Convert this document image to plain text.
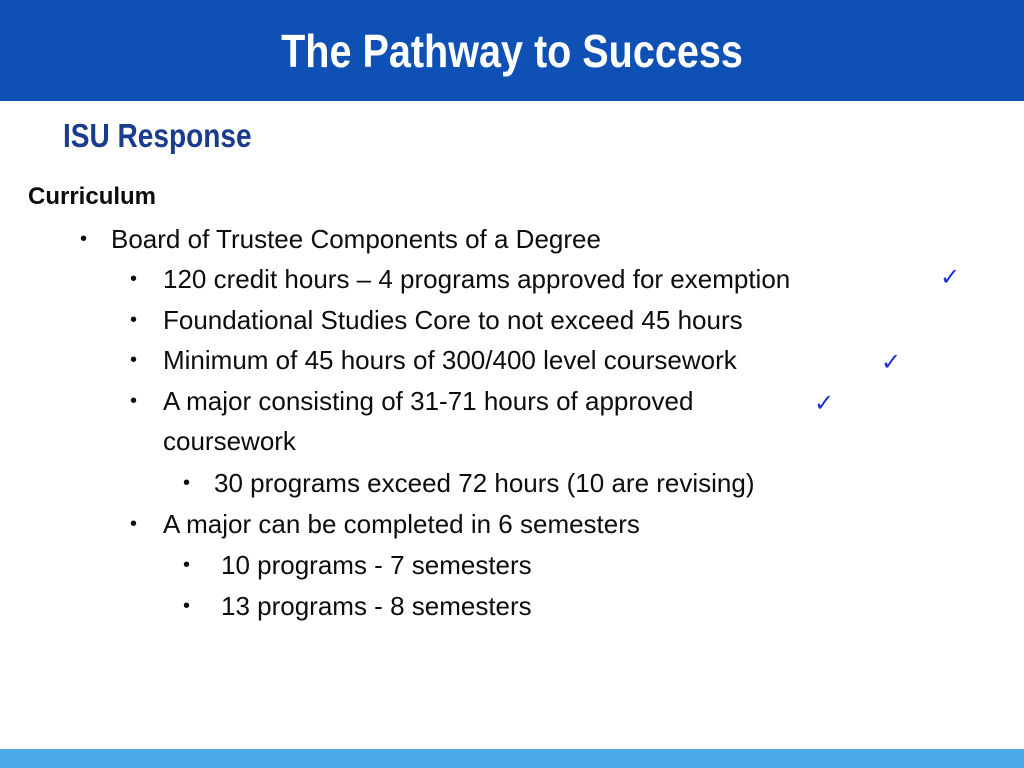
The Pathway to Success
ISU Response
Curriculum
• Board of Trustee Components of a Degree
• 120 credit hours – 4 programs approved for exemption	✓
• Foundational Studies Core to not exceed 45 hours
• Minimum of 45 hours of 300/400 level coursework	✓
• A major consisting of 31-71 hours of approved	✓
coursework
• 30 programs exceed 72 hours (10 are revising)
• A major can be completed in 6 semesters
• 10 programs - 7 semesters
• 13 programs - 8 semesters
